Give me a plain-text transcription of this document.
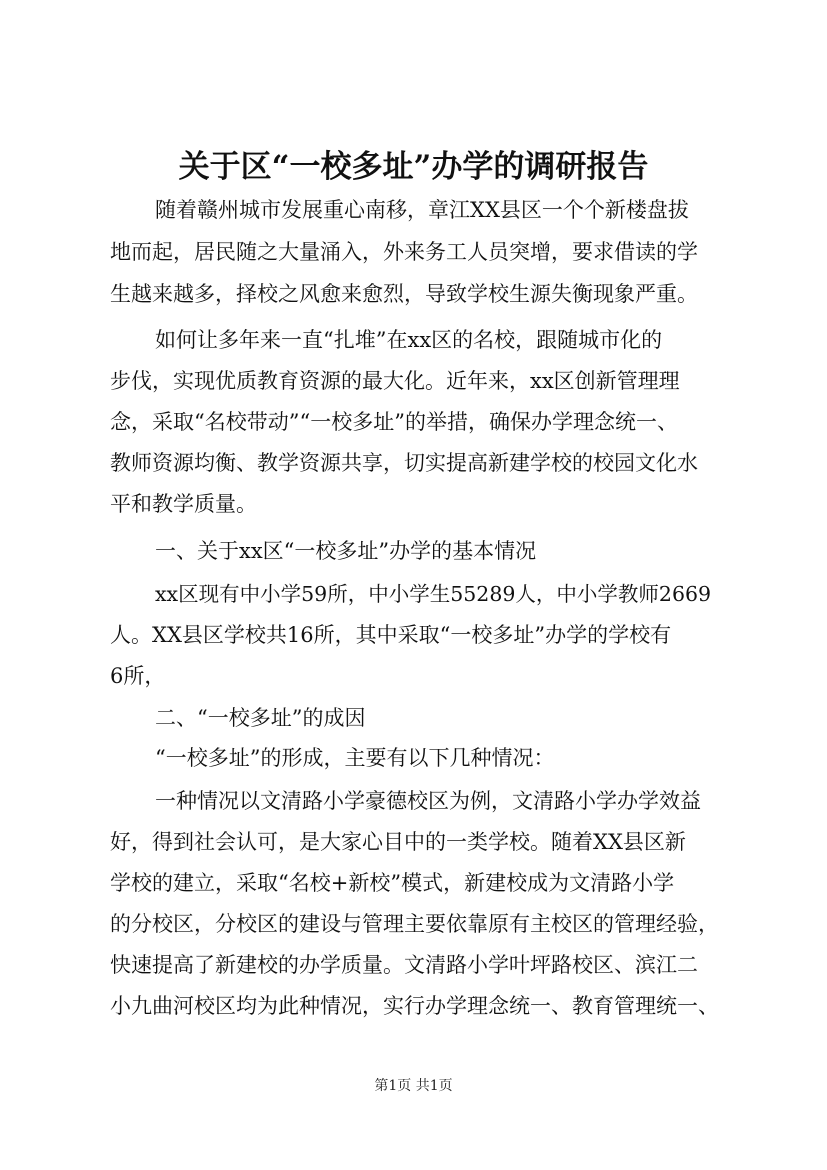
关于区“一校多址”办学的调研报告
随着赣州城市发展重心南移，章江XX县区一个个新楼盘拔
地而起，居民随之大量涌入，外来务工人员突增，要求借读的学
生越来越多，择校之风愈来愈烈，导致学校生源失衡现象严重。
如何让多年来一直“扎堆”在xx区的名校，跟随城市化的
步伐，实现优质教育资源的最大化。近年来，xx区创新管理理
念，采取“名校带动”“一校多址”的举措，确保办学理念统一、
教师资源均衡、教学资源共享，切实提高新建学校的校园文化水
平和教学质量。
一、关于xx区“一校多址”办学的基本情况
xx区现有中小学59所，中小学生55289人，中小学教师2669
人。XX县区学校共16所，其中采取“一校多址”办学的学校有
6所，
二、“一校多址”的成因
“一校多址”的形成，主要有以下几种情况：
一种情况以文清路小学豪德校区为例，文清路小学办学效益
好，得到社会认可，是大家心目中的一类学校。随着XX县区新
学校的建立，采取“名校+新校”模式，新建校成为文清路小学
的分校区，分校区的建设与管理主要依靠原有主校区的管理经验，
快速提高了新建校的办学质量。文清路小学叶坪路校区、滨江二
小九曲河校区均为此种情况，实行办学理念统一、教育管理统一、
第1页 共1页
